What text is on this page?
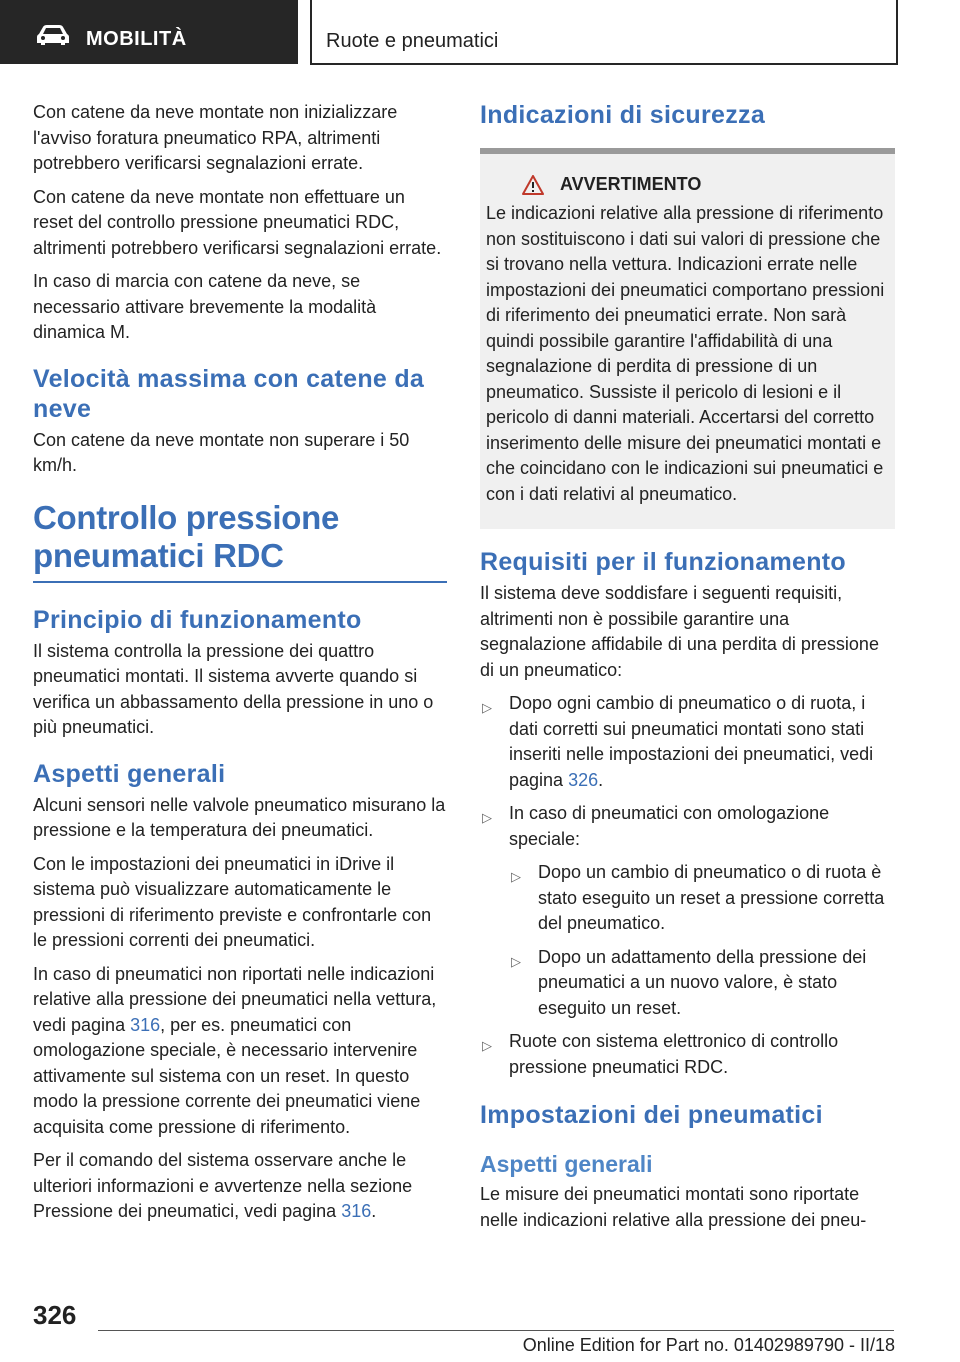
MOBILITÀ	Ruote e pneumatici

Con catene da neve montate non inizializzare l'avviso foratura pneumatico RPA, altrimenti potrebbero verificarsi segnalazioni errate.

Con catene da neve montate non effettuare un reset del controllo pressione pneumatici RDC, altrimenti potrebbero verificarsi segnalazioni errate.

In caso di marcia con catene da neve, se necessario attivare brevemente la modalità dinamica M.

Velocità massima con catene da neve

Con catene da neve montate non superare i 50 km/h.

Controllo pressione pneumatici RDC
Principio di funzionamento

Il sistema controlla la pressione dei quattro pneumatici montati. Il sistema avverte quando si verifica un abbassamento della pressione in uno o più pneumatici.

Aspetti generali

Alcuni sensori nelle valvole pneumatico misurano la pressione e la temperatura dei pneumatici.

Con le impostazioni dei pneumatici in iDrive il sistema può visualizzare automaticamente le pressioni di riferimento previste e confrontarle con le pressioni correnti dei pneumatici.

In caso di pneumatici non riportati nelle indicazioni relative alla pressione dei pneumatici nella vettura, vedi pagina 316, per es. pneumatici con omologazione speciale, è necessario intervenire attivamente sul sistema con un reset. In questo modo la pressione corrente dei pneumatici viene acquisita come pressione di riferimento.

Per il comando del sistema osservare anche le ulteriori informazioni e avvertenze nella sezione Pressione dei pneumatici, vedi pagina 316.

Indicazioni di sicurezza
AVVERTIMENTO

Le indicazioni relative alla pressione di riferimento non sostituiscono i dati sui valori di pressione che si trovano nella vettura. Indicazioni errate nelle impostazioni dei pneumatici comportano pressioni di riferimento dei pneumatici errate. Non sarà quindi possibile garantire l'affidabilità di una segnalazione di perdita di pressione di un pneumatico. Sussiste il pericolo di lesioni e il pericolo di danni materiali. Accertarsi del corretto inserimento delle misure dei pneumatici montati e che coincidano con le indicazioni sui pneumatici e con i dati relativi al pneumatico.

Requisiti per il funzionamento

Il sistema deve soddisfare i seguenti requisiti, altrimenti non è possibile garantire una segnalazione affidabile di una perdita di pressione di un pneumatico:

▷ Dopo ogni cambio di pneumatico o di ruota, i dati corretti sui pneumatici montati sono stati inseriti nelle impostazioni dei pneumatici, vedi pagina 326.
▷ In caso di pneumatici con omologazione speciale:
▷ Dopo un cambio di pneumatico o di ruota è stato eseguito un reset a pressione corretta del pneumatico.
▷ Dopo un adattamento della pressione dei pneumatici a un nuovo valore, è stato eseguito un reset.
▷ Ruote con sistema elettronico di controllo pressione pneumatici RDC.
Impostazioni dei pneumatici
Aspetti generali

Le misure dei pneumatici montati sono riportate nelle indicazioni relative alla pressione dei pneu-

326
Online Edition for Part no. 01402989790 - II/18
